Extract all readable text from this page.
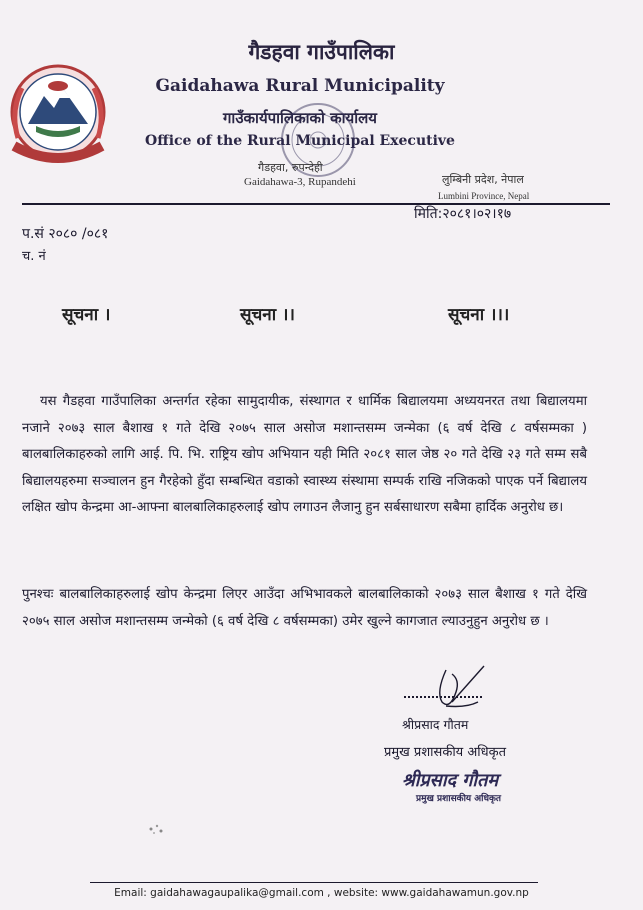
गैडहवा गाउँपालिका
Gaidahawa Rural Municipality
गाउँकार्यपालिकाको कार्यालय
Office of the Rural Municipal Executive
गैडहवा, रुपन्देही
Gaidahawa-3, Rupandehi	लुम्बिनी प्रदेश, नेपाल
Lumbini Province, Nepal
प.सं २०८० /०८१
च. नं
मिति:२०८१।०२।१७
सूचना ।	सूचना ।।	सूचना ।।।
यस गैडहवा गाउँपालिका अन्तर्गत रहेका सामुदायीक, संस्थागत र धार्मिक बिद्यालयमा अध्ययनरत तथा बिद्यालयमा नजाने २०७३ साल बैशाख १ गते देखि २०७५ साल असोज मशान्तसम्म जन्मेका (६ वर्ष देखि ८ वर्षसम्मका ) बालबालिकाहरुको लागि आई. पि. भि. राष्ट्रिय खोप अभियान यही मिति २०८१ साल जेष्ठ २० गते देखि २३ गते सम्म सबै बिद्यालयहरुमा सञ्चालन हुन गैरहेको हुँदा सम्बन्धित वडाको स्वास्थ्य संस्थामा सम्पर्क राखि नजिकको पाएक पर्ने बिद्यालय लक्षित खोप केन्द्रमा आ-आफ्ना बालबालिकाहरुलाई खोप लगाउन लैजानु हुन सर्बसाधारण सबैमा हार्दिक अनुरोध छ।
पुनश्चः बालबालिकाहरुलाई खोप केन्द्रमा लिएर आउँदा अभिभावकले बालबालिकाको २०७३ साल बैशाख १ गते देखि २०७५ साल असोज मशान्तसम्म जन्मेको (६ वर्ष देखि ८ वर्षसम्मका) उमेर खुल्ने कागजात ल्याउनुहुन अनुरोध छ ।
श्रीप्रसाद गौतम
प्रमुख प्रशासकीय अधिकृत
श्रीप्रसाद गौतम
प्रमुख प्रशासकीय अधिकृत
Email: gaidahawagaupalika@gmail.com , website: www.gaidahawamun.gov.np
